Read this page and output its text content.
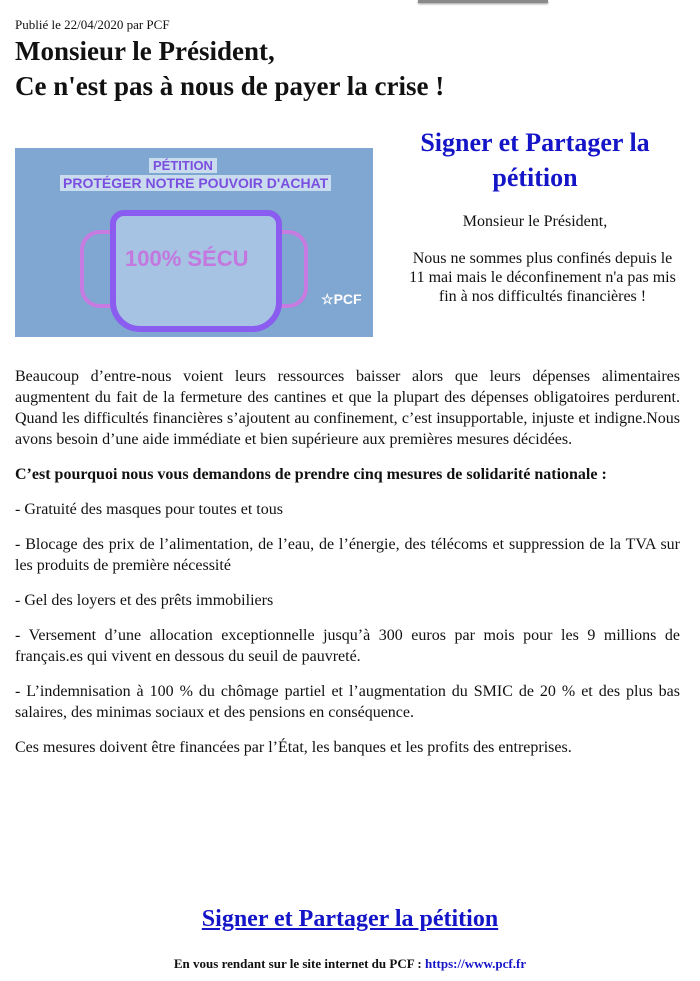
Publié le 22/04/2020 par PCF
Monsieur le Président,
Ce n'est pas à nous de payer la crise !
PÉTITION
PROTÉGER NOTRE POUVOIR D'ACHAT
100% SÉCU
☆PCF
Signer et Partager la pétition

Monsieur le Président,

Nous ne sommes plus confinés depuis le 11 mai mais le déconfinement n'a pas mis fin à nos difficultés financières !

Beaucoup d’entre-nous voient leurs ressources baisser alors que leurs dépenses alimentaires augmentent du fait de la fermeture des cantines et que la plupart des dépenses obligatoires perdurent. Quand les difficultés financières s’ajoutent au confinement, c’est insupportable, injuste et indigne.Nous avons besoin d’une aide immédiate et bien supérieure aux premières mesures décidées.

C’est pourquoi nous vous demandons de prendre cinq mesures de solidarité nationale :

- Gratuité des masques pour toutes et tous

- Blocage des prix de l’alimentation, de l’eau, de l’énergie, des télécoms et suppression de la TVA sur les produits de première nécessité

- Gel des loyers et des prêts immobiliers

- Versement d’une allocation exceptionnelle jusqu’à 300 euros par mois pour les 9 millions de français.es qui vivent en dessous du seuil de pauvreté.

- L’indemnisation à 100 % du chômage partiel et l’augmentation du SMIC de 20 % et des plus bas salaires, des minimas sociaux et des pensions en conséquence.

Ces mesures doivent être financées par l’État, les banques et les profits des entreprises.

Signer et Partager la pétition
En vous rendant sur le site internet du PCF : https://www.pcf.fr
